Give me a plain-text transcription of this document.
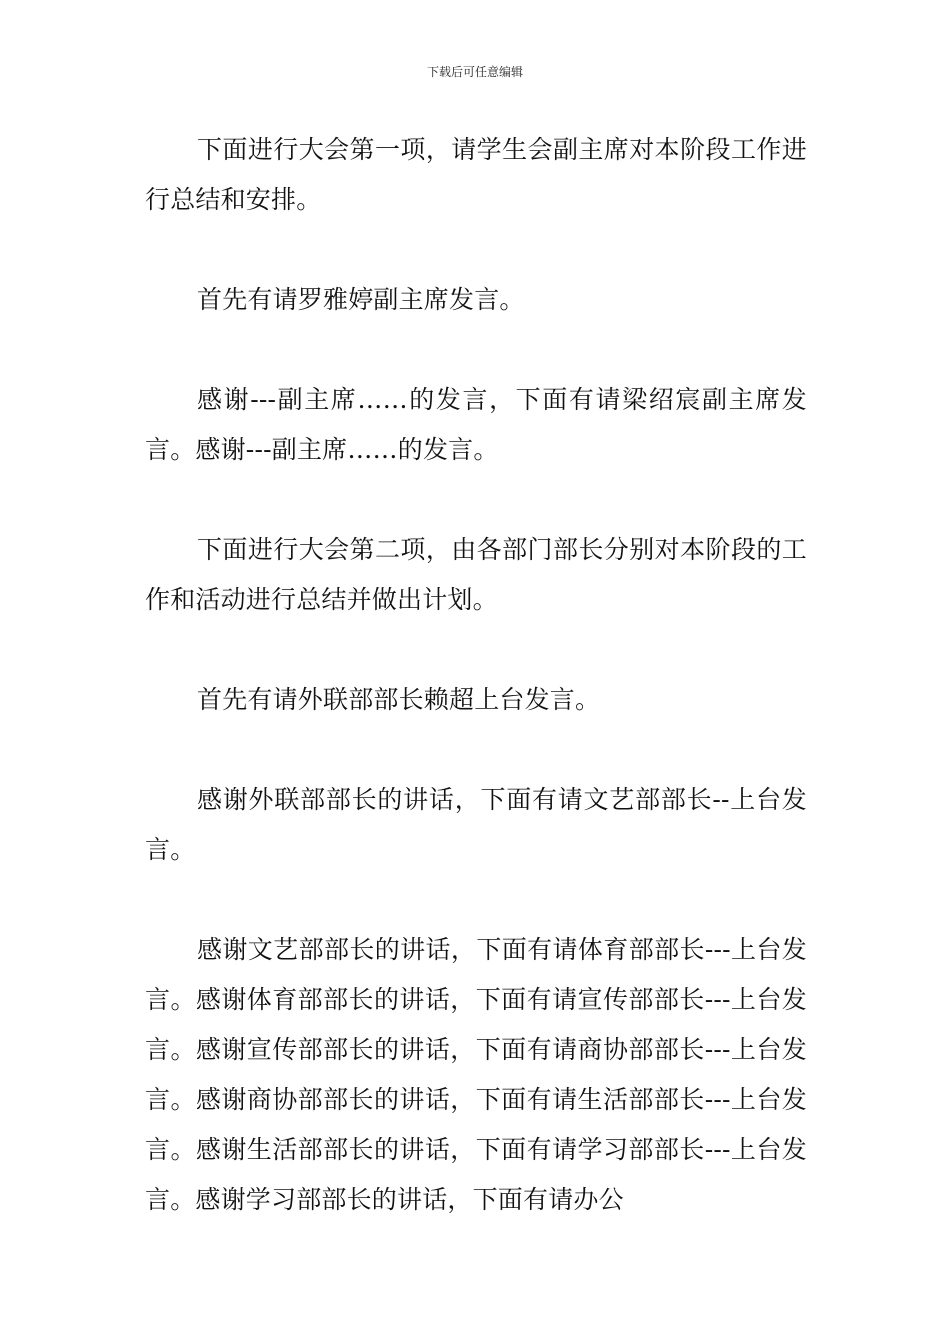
下载后可任意编辑

下面进行大会第一项，请学生会副主席对本阶段工作进行总结和安排。

首先有请罗雅婷副主席发言。

感谢---副主席……的发言，下面有请梁绍宸副主席发言。感谢---副主席……的发言。

下面进行大会第二项，由各部门部长分别对本阶段的工作和活动进行总结并做出计划。

首先有请外联部部长赖超上台发言。

感谢外联部部长的讲话，下面有请文艺部部长--上台发言。

感谢文艺部部长的讲话，下面有请体育部部长---上台发言。感谢体育部部长的讲话，下面有请宣传部部长---上台发言。感谢宣传部部长的讲话，下面有请商协部部长---上台发言。感谢商协部部长的讲话，下面有请生活部部长---上台发言。感谢生活部部长的讲话，下面有请学习部部长---上台发言。感谢学习部部长的讲话，下面有请办公
